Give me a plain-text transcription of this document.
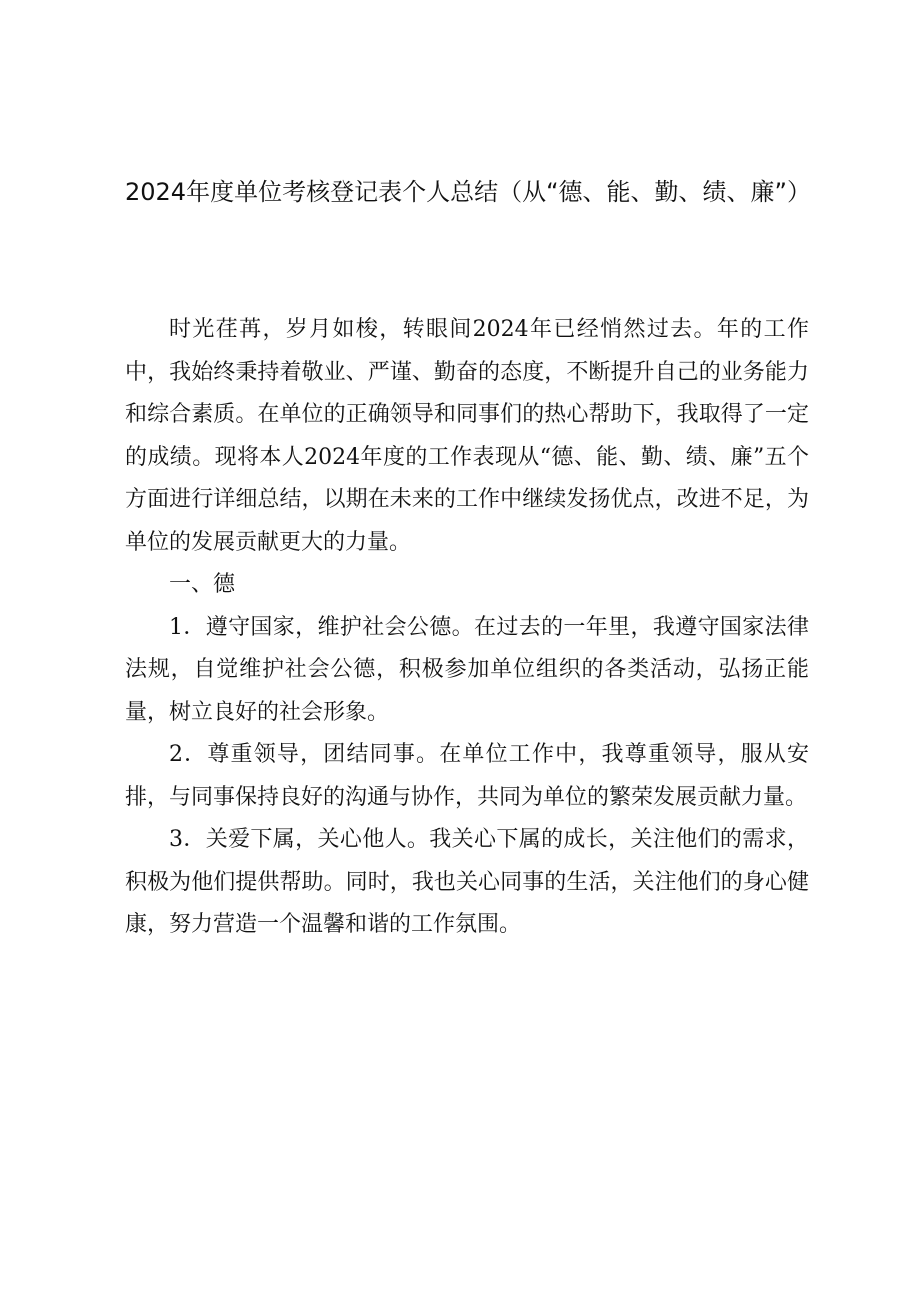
2024年度单位考核登记表个人总结（从“德、能、勤、绩、廉”）

时光荏苒，岁月如梭，转眼间2024年已经悄然过去。年的工作中，我始终秉持着敬业、严谨、勤奋的态度，不断提升自己的业务能力和综合素质。在单位的正确领导和同事们的热心帮助下，我取得了一定的成绩。现将本人2024年度的工作表现从“德、能、勤、绩、廉”五个方面进行详细总结，以期在未来的工作中继续发扬优点，改进不足，为单位的发展贡献更大的力量。

一、德

1．遵守国家，维护社会公德。在过去的一年里，我遵守国家法律法规，自觉维护社会公德，积极参加单位组织的各类活动，弘扬正能量，树立良好的社会形象。

2．尊重领导，团结同事。在单位工作中，我尊重领导，服从安排，与同事保持良好的沟通与协作，共同为单位的繁荣发展贡献力量。

3．关爱下属，关心他人。我关心下属的成长，关注他们的需求，积极为他们提供帮助。同时，我也关心同事的生活，关注他们的身心健康，努力营造一个温馨和谐的工作氛围。
